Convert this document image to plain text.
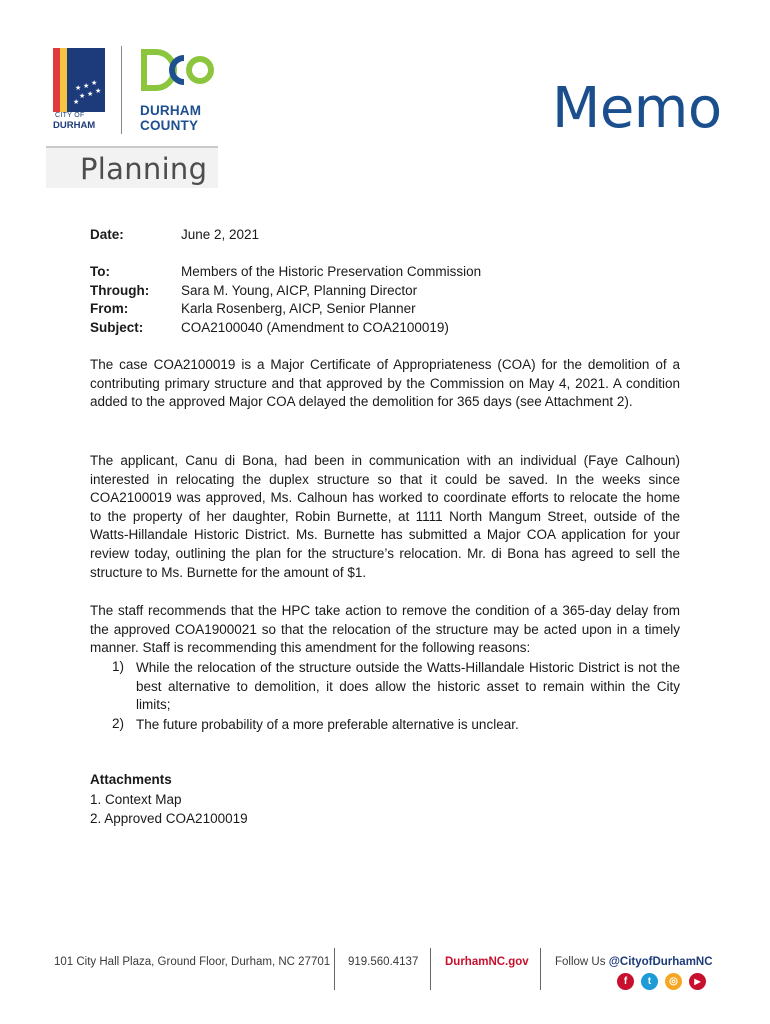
★ ★ ★
★ ★ ★
★
CITY OF
DURHAM
DURHAM
COUNTY
Planning
Memo
Date:	June 2, 2021
To:	Members of the Historic Preservation Commission
Through: Sara M. Young, AICP, Planning Director
From:	Karla Rosenberg, AICP, Senior Planner
Subject:	COA2100040 (Amendment to COA2100019)

The case COA2100019 is a Major Certificate of Appropriateness (COA) for the demolition of a contributing primary structure and that approved by the Commission on May 4, 2021. A condition added to the approved Major COA delayed the demolition for 365 days (see Attachment 2).

The applicant, Canu di Bona, had been in communication with an individual (Faye Calhoun) interested in relocating the duplex structure so that it could be saved. In the weeks since COA2100019 was approved, Ms. Calhoun has worked to coordinate efforts to relocate the home to the property of her daughter, Robin Burnette, at 1111 North Mangum Street, outside of the Watts-Hillandale Historic District. Ms. Burnette has submitted a Major COA application for your review today, outlining the plan for the structure’s relocation. Mr. di Bona has agreed to sell the structure to Ms. Burnette for the amount of $1.

The staff recommends that the HPC take action to remove the condition of a 365-day delay from the approved COA1900021 so that the relocation of the structure may be acted upon in a timely manner. Staff is recommending this amendment for the following reasons:

1) While the relocation of the structure outside the Watts-Hillandale Historic District is not the best alternative to demolition, it does allow the historic asset to remain within the City limits;

2) The future probability of a more preferable alternative is unclear.

Attachments
1. Context Map
2. Approved COA2100019
101 City Hall Plaza, Ground Floor, Durham, NC 27701 919.560.4137 DurhamNC.gov Follow Us @CityofDurhamNC
f	t	◎	▶
